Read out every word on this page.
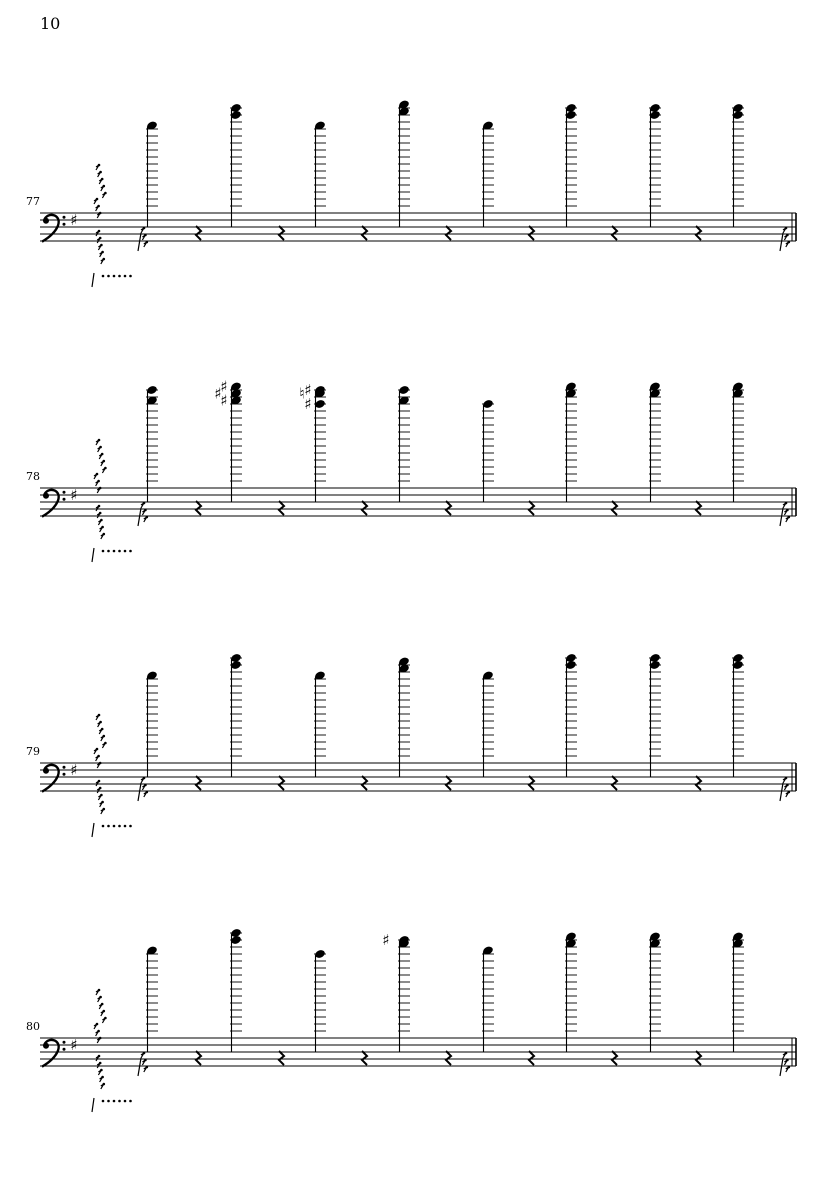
10
77
♯
78
♯
♯
♯
♯
♯
♮ ♯
79
♯
80
♯
♯
